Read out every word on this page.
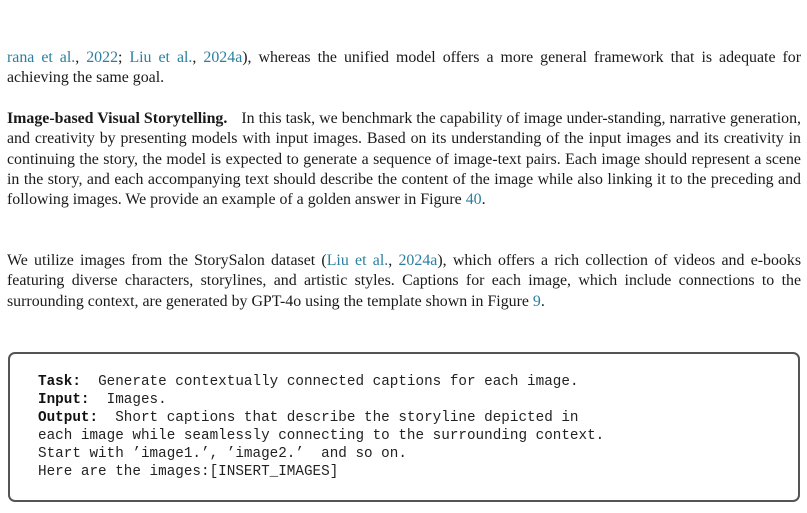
rana et al., 2022; Liu et al., 2024a), whereas the unified model offers a more general framework that is adequate for achieving the same goal.

Image-based Visual Storytelling. In this task, we benchmark the capability of image under-standing, narrative generation, and creativity by presenting models with input images. Based on its understanding of the input images and its creativity in continuing the story, the model is expected to generate a sequence of image-text pairs. Each image should represent a scene in the story, and each accompanying text should describe the content of the image while also linking it to the preceding and following images. We provide an example of a golden answer in Figure 40.

We utilize images from the StorySalon dataset (Liu et al., 2024a), which offers a rich collection of videos and e-books featuring diverse characters, storylines, and artistic styles. Captions for each image, which include connections to the surrounding context, are generated by GPT-4o using the template shown in Figure 9.

Task:  Generate contextually connected captions for each image.
Input:  Images.
Output:  Short captions that describe the storyline depicted in
each image while seamlessly connecting to the surrounding context.
Start with ’image1.’, ’image2.’  and so on.
Here are the images:[INSERT_IMAGES]
